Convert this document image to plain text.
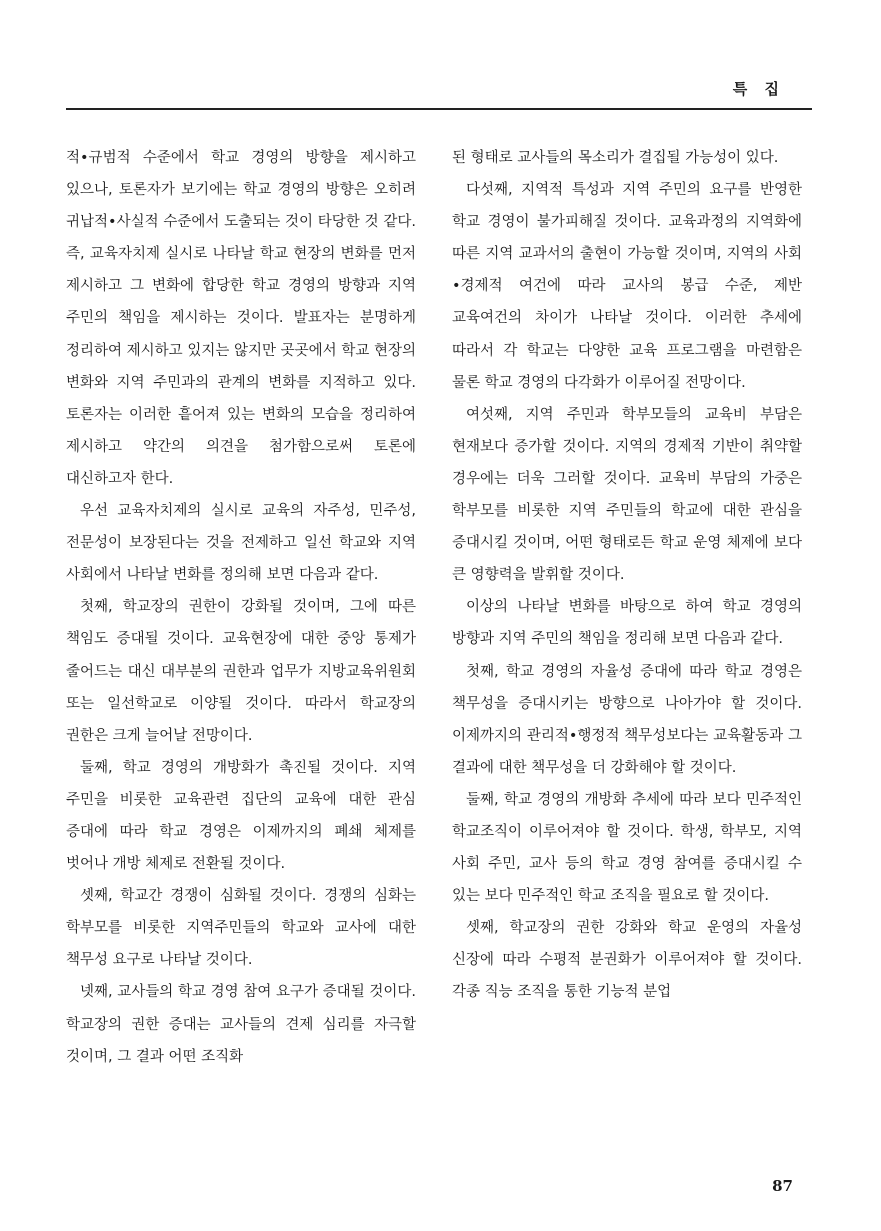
특 집

적•규범적 수준에서 학교 경영의 방향을 제시하고 있으나, 토론자가 보기에는 학교 경영의 방향은 오히려 귀납적•사실적 수준에서 도출되는 것이 타당한 것 같다. 즉, 교육자치제 실시로 나타날 학교 현장의 변화를 먼저 제시하고 그 변화에 합당한 학교 경영의 방향과 지역 주민의 책임을 제시하는 것이다. 발표자는 분명하게 정리하여 제시하고 있지는 않지만 곳곳에서 학교 현장의 변화와 지역 주민과의 관계의 변화를 지적하고 있다. 토론자는 이러한 흩어져 있는 변화의 모습을 정리하여 제시하고 약간의 의견을 첨가함으로써 토론에 대신하고자 한다.

우선 교육자치제의 실시로 교육의 자주성, 민주성, 전문성이 보장된다는 것을 전제하고 일선 학교와 지역 사회에서 나타날 변화를 정의해 보면 다음과 같다.

첫째, 학교장의 권한이 강화될 것이며, 그에 따른 책임도 증대될 것이다. 교육현장에 대한 중앙 통제가 줄어드는 대신 대부분의 권한과 업무가 지방교육위원회 또는 일선학교로 이양될 것이다. 따라서 학교장의 권한은 크게 늘어날 전망이다.

둘째, 학교 경영의 개방화가 촉진될 것이다. 지역 주민을 비롯한 교육관련 집단의 교육에 대한 관심 증대에 따라 학교 경영은 이제까지의 폐쇄 체제를 벗어나 개방 체제로 전환될 것이다.

셋째, 학교간 경쟁이 심화될 것이다. 경쟁의 심화는 학부모를 비롯한 지역주민들의 학교와 교사에 대한 책무성 요구로 나타날 것이다.

넷째, 교사들의 학교 경영 참여 요구가 증대될 것이다. 학교장의 권한 증대는 교사들의 견제 심리를 자극할 것이며, 그 결과 어떤 조직화

된 형태로 교사들의 목소리가 결집될 가능성이 있다.

다섯째, 지역적 특성과 지역 주민의 요구를 반영한 학교 경영이 불가피해질 것이다. 교육과정의 지역화에 따른 지역 교과서의 출현이 가능할 것이며, 지역의 사회•경제적 여건에 따라 교사의 봉급 수준, 제반 교육여건의 차이가 나타날 것이다. 이러한 추세에 따라서 각 학교는 다양한 교육 프로그램을 마련함은 물론 학교 경영의 다각화가 이루어질 전망이다.

여섯째, 지역 주민과 학부모들의 교육비 부담은 현재보다 증가할 것이다. 지역의 경제적 기반이 취약할 경우에는 더욱 그러할 것이다. 교육비 부담의 가중은 학부모를 비롯한 지역 주민들의 학교에 대한 관심을 증대시킬 것이며, 어떤 형태로든 학교 운영 체제에 보다 큰 영향력을 발휘할 것이다.

이상의 나타날 변화를 바탕으로 하여 학교 경영의 방향과 지역 주민의 책임을 정리해 보면 다음과 같다.

첫째, 학교 경영의 자율성 증대에 따라 학교 경영은 책무성을 증대시키는 방향으로 나아가야 할 것이다. 이제까지의 관리적•행정적 책무성보다는 교육활동과 그 결과에 대한 책무성을 더 강화해야 할 것이다.

둘째, 학교 경영의 개방화 추세에 따라 보다 민주적인 학교조직이 이루어져야 할 것이다. 학생, 학부모, 지역 사회 주민, 교사 등의 학교 경영 참여를 증대시킬 수 있는 보다 민주적인 학교 조직을 필요로 할 것이다.

셋째, 학교장의 권한 강화와 학교 운영의 자율성 신장에 따라 수평적 분권화가 이루어져야 할 것이다. 각종 직능 조직을 통한 기능적 분업

87
